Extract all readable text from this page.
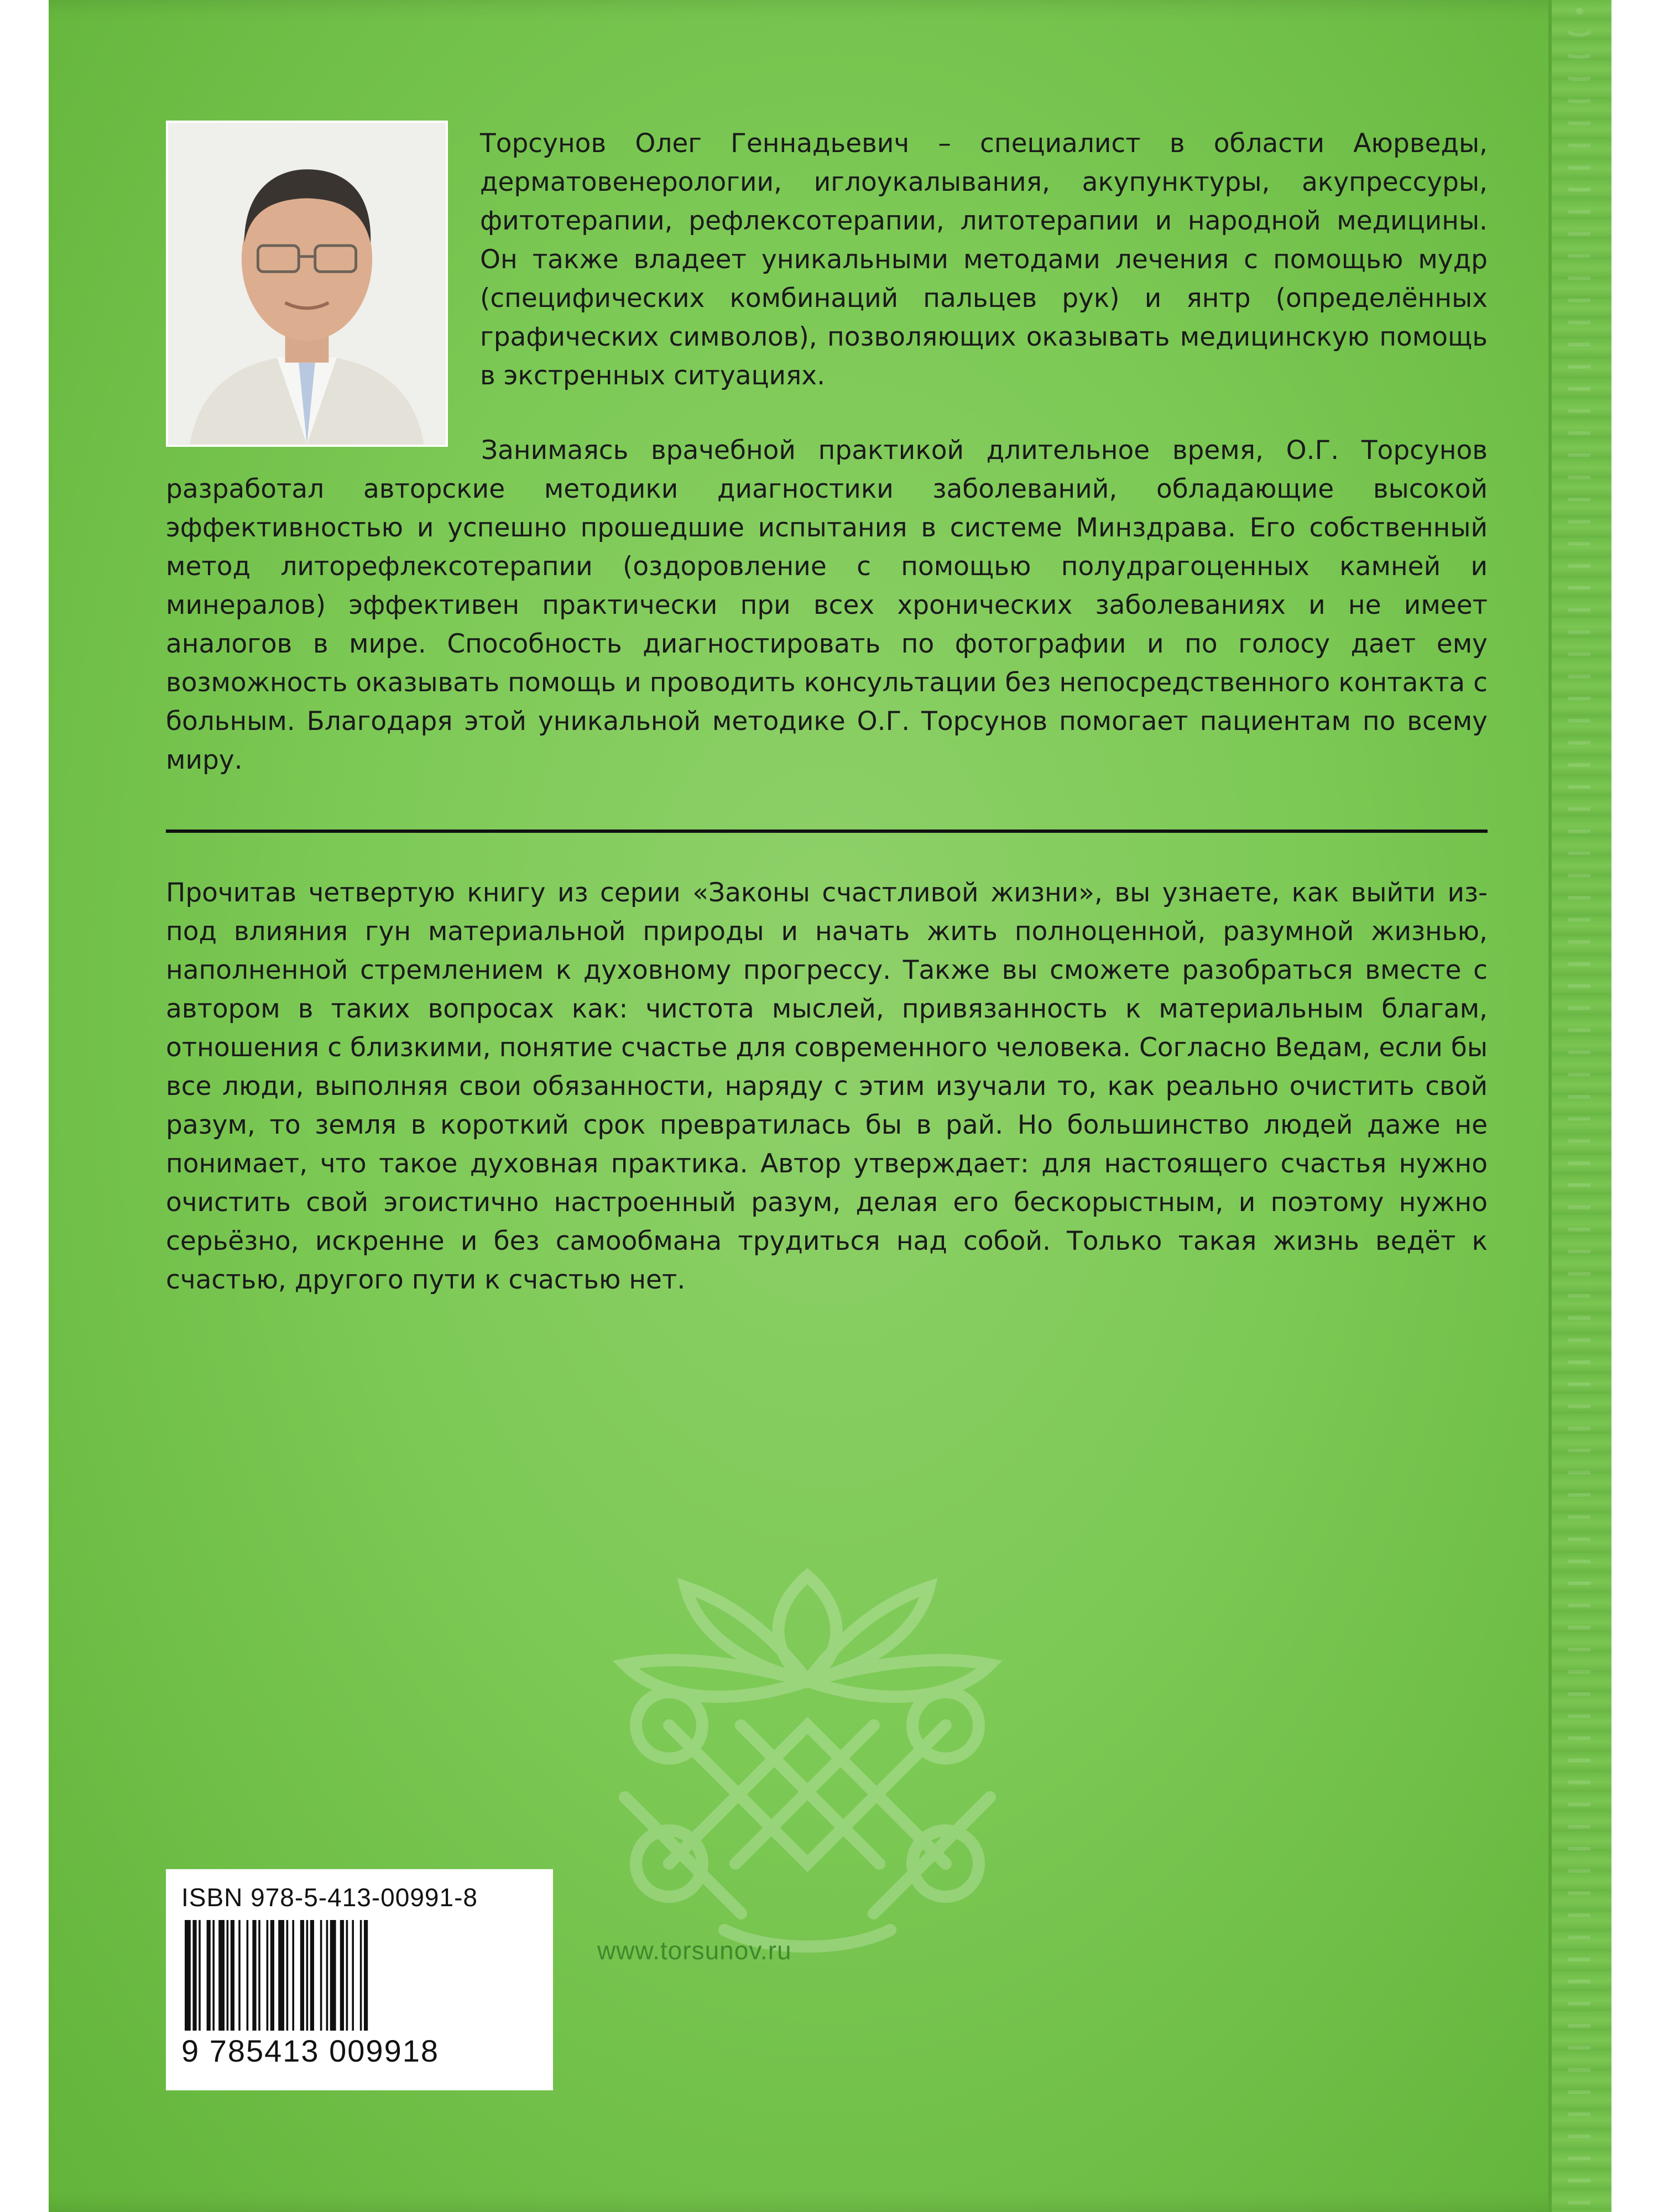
Торсунов Олег Геннадьевич – специалист в области Аюрведы, дерматовенерологии, иглоукалывания, акупунктуры, акупрессуры, фитотерапии, рефлексотерапии, литотерапии и народной медицины. Он также владеет уникальными методами лечения с помощью мудр (специфических комбинаций пальцев рук) и янтр (определённых графических символов), позволяющих оказывать медицинскую помощь в экстренных ситуациях.
Занимаясь врачебной практикой длительное время, О.Г. Торсунов разработал авторские методики диагностики заболеваний, обладающие высокой эффективностью и успешно прошедшие испытания в системе Минздрава. Его собственный метод литорефлексотерапии (оздоровление с помощью полудрагоценных камней и минералов) эффективен практически при всех хронических заболеваниях и не имеет аналогов в мире. Способность диагностировать по фотографии и по голосу дает ему возможность оказывать помощь и проводить консультации без непосредственного контакта с больным. Благодаря этой уникальной методике О.Г. Торсунов помогает пациентам по всему миру.
Прочитав четвертую книгу из серии «Законы счастливой жизни», вы узнаете, как выйти из-под влияния гун материальной природы и начать жить полноценной, разумной жизнью, наполненной стремлением к духовному прогрессу. Также вы сможете разобраться вместе с автором в таких вопросах как: чистота мыслей, привязанность к материальным благам, отношения с близкими, понятие счастье для современного человека. Согласно Ведам, если бы все люди, выполняя свои обязанности, наряду с этим изучали то, как реально очистить свой разум, то земля в короткий срок превратилась бы в рай. Но большинство людей даже не понимает, что такое духовная практика. Автор утверждает: для настоящего счастья нужно очистить свой эгоистично настроенный разум, делая его бескорыстным, и поэтому нужно серьёзно, искренне и без самообмана трудиться над собой. Только такая жизнь ведёт к счастью, другого пути к счастью нет.
ISBN 978-5-413-00991-8
9 785413 009918
www.torsunov.ru
